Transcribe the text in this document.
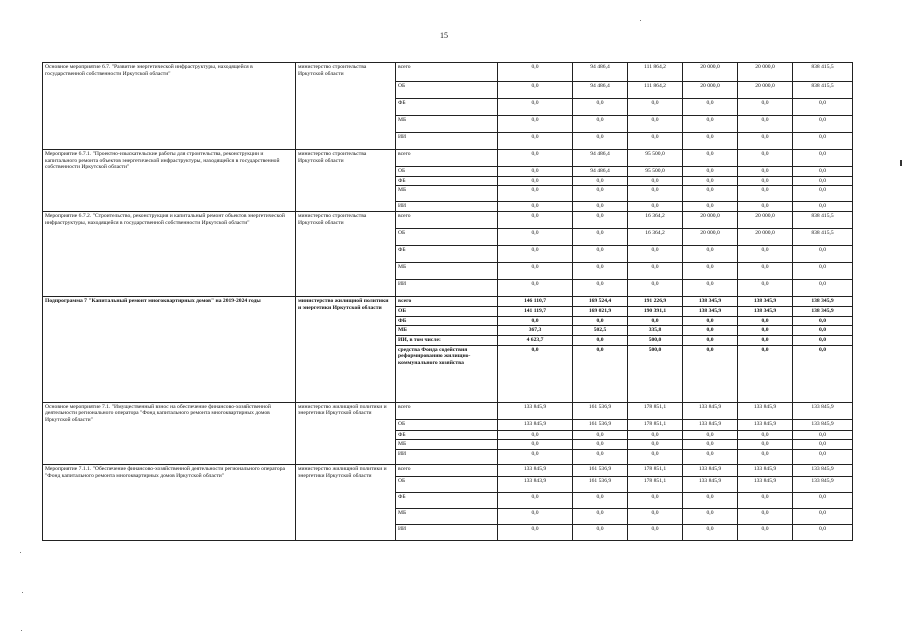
15
Основное мероприятие 6.7. "Развитие энергетической инфраструктуры, находящейся в государственной собственности Иркутской области"	министерство строительства Иркутской области	всего	0,0	94 486,4	111 864,2	20 000,0	20 000,0	838 415,5
		ОБ	0,0	94 486,4	111 864,2	20 000,0	20 000,0	838 415,5
		ФБ	0,0	0,0	0,0	0,0	0,0	0,0
		МБ	0,0	0,0	0,0	0,0	0,0	0,0
		ИИ	0,0	0,0	0,0	0,0	0,0	0,0
Мероприятие 6.7.1. "Проектно-изыскательские работы для строительства, реконструкции и капитального ремонта объектов энергетической инфраструктуры, находящейся в государственной собственности Иркутской области"	министерство строительства Иркутской области	всего	0,0	94 486,4	95 500,0	0,0	0,0	0,0
		ОБ	0,0	94 486,4	95 500,0	0,0	0,0	0,0
		ФБ	0,0	0,0	0,0	0,0	0,0	0,0
		МБ	0,0	0,0	0,0	0,0	0,0	0,0
		ИИ	0,0	0,0	0,0	0,0	0,0	0,0
Мероприятие 6.7.2. "Строительство, реконструкция и капитальный ремонт объектов энергетической инфраструктуры, находящейся в государственной собственности Иркутской области"	министерство строительства Иркутской области	всего	0,0	0,0	16 364,2	20 000,0	20 000,0	838 415,5
		ОБ	0,0	0,0	16 364,2	20 000,0	20 000,0	838 415,5
		ФБ	0,0	0,0	0,0	0,0	0,0	0,0
		МБ	0,0	0,0	0,0	0,0	0,0	0,0
		ИИ	0,0	0,0	0,0	0,0	0,0	0,0
Подпрограмма 7 "Капитальный ремонт многоквартирных домов" на 2019-2024 годы	министерство жилищной политики и энергетики Иркутской области	всего	146 110,7	169 524,4	191 226,9	138 345,9	138 345,9	138 345,9
		ОБ	141 119,7	169 021,9	190 391,1	138 345,9	138 345,9	138 345,9
		ФБ	0,0	0,0	0,0	0,0	0,0	0,0
		МБ	367,3	502,5	335,8	0,0	0,0	0,0
		ИИ, в том числе:	4 623,7	0,0	500,0	0,0	0,0	0,0
		средства Фонда содействия реформированию жилищно-коммунального хозяйства	0,0	0,0	500,0	0,0	0,0	0,0
Основное мероприятие 7.1. "Имущественный взнос на обеспечение финансово-хозяйственной деятельности регионального оператора "Фонд капитального ремонта многоквартирных домов Иркутской области"	министерство жилищной политики и энергетики Иркутской области	всего	133 845,9	161 536,9	178 851,1	133 845,9	133 845,9	133 845,9
		ОБ	133 845,9	161 536,9	178 851,1	133 845,9	133 845,9	133 845,9
		ФБ	0,0	0,0	0,0	0,0	0,0	0,0
		МБ	0,0	0,0	0,0	0,0	0,0	0,0
		ИИ	0,0	0,0	0,0	0,0	0,0	0,0
Мероприятие 7.1.1. "Обеспечение финансово-хозяйственной деятельности регионального оператора "Фонд капитального ремонта многоквартирных домов Иркутской области"	министерство жилищной политики и энергетики Иркутской области	всего	133 845,9	161 536,9	178 851,1	133 845,9	133 845,9	133 845,9
		ОБ	133 843,9	161 536,9	178 851,1	133 845,9	133 845,9	133 845,9
		ФБ	0,0	0,0	0,0	0,0	0,0	0,0
		МБ	0,0	0,0	0,0	0,0	0,0	0,0
		ИИ	0,0	0,0	0,0	0,0	0,0	0,0
